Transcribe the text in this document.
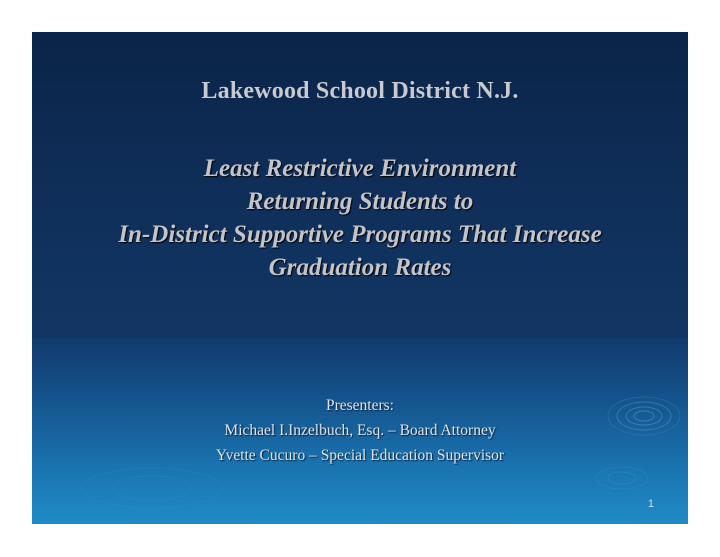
Lakewood School District N.J.
Least Restrictive Environment
Returning Students to
In-District Supportive Programs That Increase
Graduation Rates
Presenters:
Michael I.Inzelbuch, Esq. – Board Attorney
Yvette Cucuro – Special Education Supervisor
1
